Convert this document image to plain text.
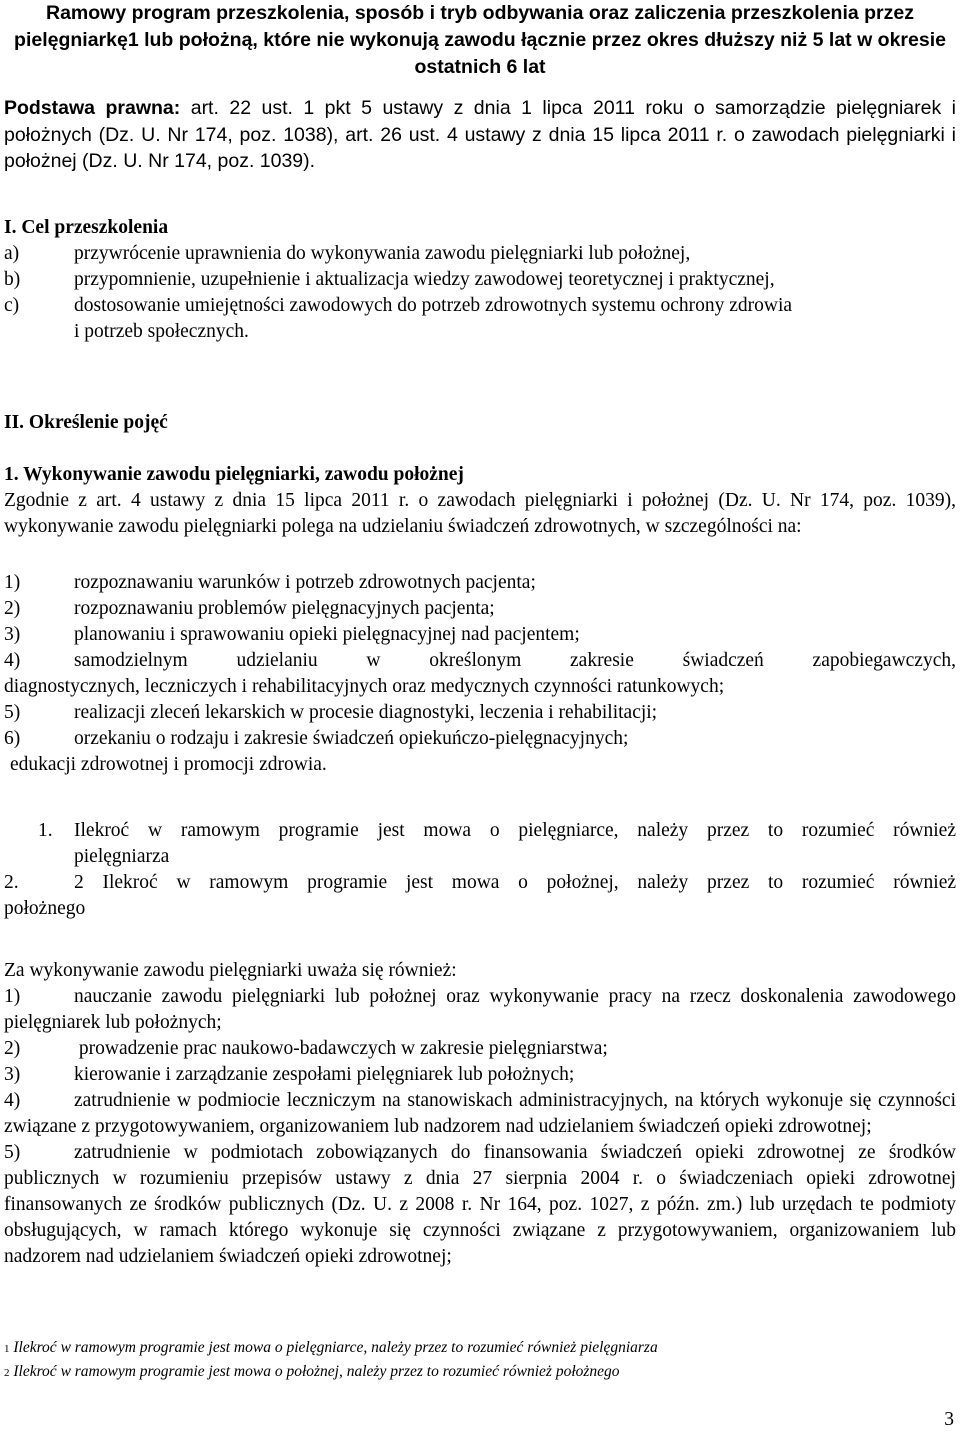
Ramowy program przeszkolenia, sposób i tryb odbywania oraz zaliczenia przeszkolenia przez pielęgniarkę1 lub położną, które nie wykonują zawodu łącznie przez okres dłuższy niż 5 lat w okresie ostatnich 6 lat
Podstawa prawna: art. 22 ust. 1 pkt 5 ustawy z dnia 1 lipca 2011 roku o samorządzie pielęgniarek i położnych (Dz. U. Nr 174, poz. 1038), art. 26 ust. 4 ustawy z dnia 15 lipca 2011 r. o zawodach pielęgniarki i położnej (Dz. U. Nr 174, poz. 1039).
I. Cel przeszkolenia
a)	przywrócenie uprawnienia do wykonywania zawodu pielęgniarki lub położnej,
b)	przypomnienie, uzupełnienie i aktualizacja wiedzy zawodowej teoretycznej i praktycznej,
c)	dostosowanie umiejętności zawodowych do potrzeb zdrowotnych systemu ochrony zdrowia
i potrzeb społecznych.
II. Określenie pojęć
1. Wykonywanie zawodu pielęgniarki, zawodu położnej
Zgodnie z art. 4 ustawy z dnia 15 lipca 2011 r. o zawodach pielęgniarki i położnej (Dz. U. Nr 174, poz. 1039), wykonywanie zawodu pielęgniarki polega na udzielaniu świadczeń zdrowotnych, w szczególności na:
1)	rozpoznawaniu warunków i potrzeb zdrowotnych pacjenta;
2)	rozpoznawaniu problemów pielęgnacyjnych pacjenta;
3)	planowaniu i sprawowaniu opieki pielęgnacyjnej nad pacjentem;
4)	samodzielnym udzielaniu w określonym zakresie świadczeń zapobiegawczych,
diagnostycznych, leczniczych i rehabilitacyjnych oraz medycznych czynności ratunkowych;
5)	realizacji zleceń lekarskich w procesie diagnostyki, leczenia i rehabilitacji;
6)	orzekaniu o rodzaju i zakresie świadczeń opiekuńczo-pielęgnacyjnych;
edukacji zdrowotnej i promocji zdrowia.
1. Ilekroć w ramowym programie jest mowa o pielęgniarce, należy przez to rozumieć również
pielęgniarza
2.	2 Ilekroć w ramowym programie jest mowa o położnej, należy przez to rozumieć również
położnego
Za wykonywanie zawodu pielęgniarki uważa się również:
1)	nauczanie zawodu pielęgniarki lub położnej oraz wykonywanie pracy na rzecz doskonalenia zawodowego pielęgniarek lub położnych;
2)	prowadzenie prac naukowo-badawczych w zakresie pielęgniarstwa;
3)	kierowanie i zarządzanie zespołami pielęgniarek lub położnych;
4)	zatrudnienie w podmiocie leczniczym na stanowiskach administracyjnych, na których wykonuje się czynności związane z przygotowywaniem, organizowaniem lub nadzorem nad udzielaniem świadczeń opieki zdrowotnej;
5)	zatrudnienie w podmiotach zobowiązanych do finansowania świadczeń opieki zdrowotnej ze środków publicznych w rozumieniu przepisów ustawy z dnia 27 sierpnia 2004 r. o świadczeniach opieki zdrowotnej finansowanych ze środków publicznych (Dz. U. z 2008 r. Nr 164, poz. 1027, z późn. zm.) lub urzędach te podmioty obsługujących, w ramach którego wykonuje się czynności związane z przygotowywaniem, organizowaniem lub nadzorem nad udzielaniem świadczeń opieki zdrowotnej;
1 Ilekroć w ramowym programie jest mowa o pielęgniarce, należy przez to rozumieć również pielęgniarza
2 Ilekroć w ramowym programie jest mowa o położnej, należy przez to rozumieć również położnego
3
